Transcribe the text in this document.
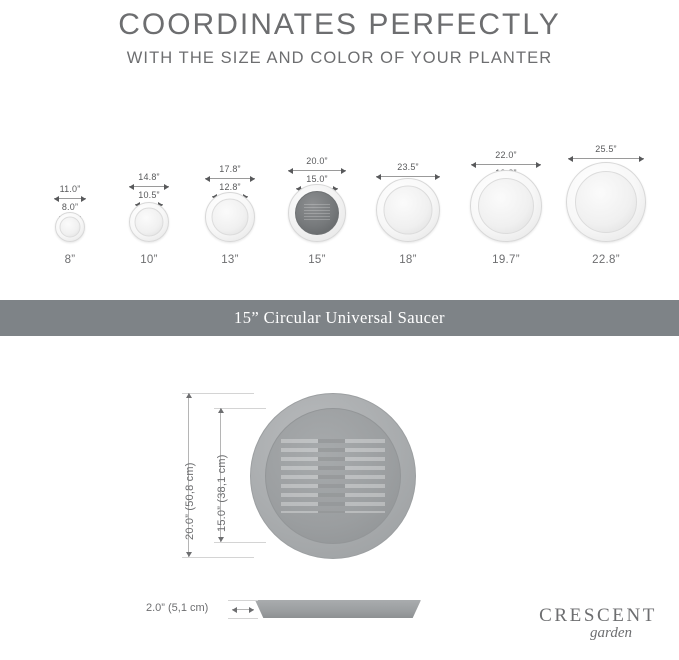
COORDINATES PERFECTLY
WITH THE SIZE AND COLOR OF YOUR PLANTER
11.0”
8.0”
8”
14.8”
10.5”
10”
17.8”
12.8”
13”
20.0”
15.0”
15”
23.5”
18”
22.0”
19.7”
25.5”
22.8”
15” Circular Universal Saucer
20.0” (50,8 cm) 15.0” (38,1 cm)
2.0” (5,1 cm)	CRESCENT
garden
